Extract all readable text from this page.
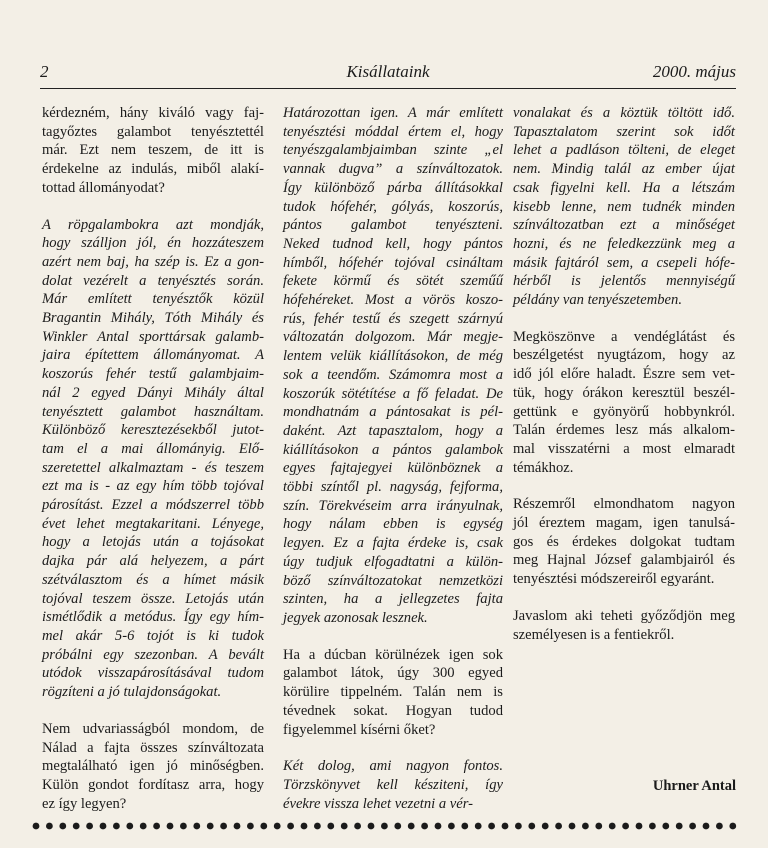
2	Kisállataink	2000. május

kérdezném, hány kiváló vagy faj-

tagyőztes galambot tenyésztettél

már. Ezt nem teszem, de itt is

érdekelne az indulás, miből alakí-

tottad állományodat?

A röpgalambokra azt mondják,

hogy szálljon jól, én hozzáteszem

azért nem baj, ha szép is. Ez a gon-

dolat vezérelt a tenyésztés során.

Már említett tenyésztők közül

Bragantin Mihály, Tóth Mihály és

Winkler Antal sporttársak galamb-

jaira építettem állományomat. A

koszorús fehér testű galambjaim-

nál 2 egyed Dányi Mihály által

tenyésztett galambot használtam.

Különböző keresztezésekből jutot-

tam el a mai állományig. Elő-

szeretettel alkalmaztam - és teszem

ezt ma is - az egy hím több tojóval

párosítást. Ezzel a módszerrel több

évet lehet megtakaritani. Lényege,

hogy a letojás után a tojásokat

dajka pár alá helyezem, a párt

szétválasztom és a hímet másik

tojóval teszem össze. Letojás után

ismétlődik a metódus. Így egy hím-

mel akár 5-6 tojót is ki tudok

próbálni egy szezonban. A bevált

utódok visszapárosításával tudom

rögzíteni a jó tulajdonságokat.

Nem udvariasságból mondom, de

Nálad a fajta összes színváltozata

megtalálható igen jó minőségben.

Külön gondot fordítasz arra, hogy

ez így legyen?

Határozottan igen. A már említett

tenyésztési móddal értem el, hogy

tenyészgalambjaimban szinte „el

vannak dugva” a színváltozatok.

Így különböző párba állításokkal

tudok hófehér, gólyás, koszorús,

pántos galambot tenyészteni.

Neked tudnod kell, hogy pántos

hímből, hófehér tojóval csináltam

fekete körmű és sötét szeműű

hófehéreket. Most a vörös koszo-

rús, fehér testű és szegett szárnyú

változatán dolgozom. Már megje-

lentem velük kiállításokon, de még

sok a teendőm. Számomra most a

koszorúk sötétítése a fő feladat. De

mondhatnám a pántosakat is pél-

daként. Azt tapasztalom, hogy a

kiállításokon a pántos galambok

egyes fajtajegyei különböznek a

többi színtől pl. nagyság, fejforma,

szín. Törekvéseim arra irányulnak,

hogy nálam ebben is egység

legyen. Ez a fajta érdeke is, csak

úgy tudjuk elfogadtatni a külön-

böző színváltozatokat nemzetközi

szinten, ha a jellegzetes fajta

jegyek azonosak lesznek.

Ha a dúcban körülnézek igen sok

galambot látok, úgy 300 egyed

körülire tippelném. Talán nem is

tévednek sokat. Hogyan tudod

figyelemmel kísérni őket?

Két dolog, ami nagyon fontos.

Törzskönyvet kell késziteni, így

évekre vissza lehet vezetni a vér-

vonalakat és a köztük töltött idő.

Tapasztalatom szerint sok időt

lehet a padláson tölteni, de eleget

nem. Mindig talál az ember újat

csak figyelni kell. Ha a létszám

kisebb lenne, nem tudnék minden

színváltozatban ezt a minőséget

hozni, és ne feledkezzünk meg a

másik fajtáról sem, a csepeli hófe-

hérből is jelentős mennyiségű

példány van tenyészetemben.

Megköszönve a vendéglátást és

beszélgetést nyugtázom, hogy az

idő jól előre haladt. Észre sem vet-

tük, hogy órákon keresztül beszél-

gettünk e gyönyörű hobbynkról.

Talán érdemes lesz más alkalom-

mal visszatérni a most elmaradt

témákhoz.

Részemről elmondhatom nagyon

jól éreztem magam, igen tanulsá-

gos és érdekes dolgokat tudtam

meg Hajnal József galambjairól és

tenyésztési módszereiről egyaránt.

Javaslom aki teheti győződjön meg

személyesen is a fentiekről.

Uhrner Antal
